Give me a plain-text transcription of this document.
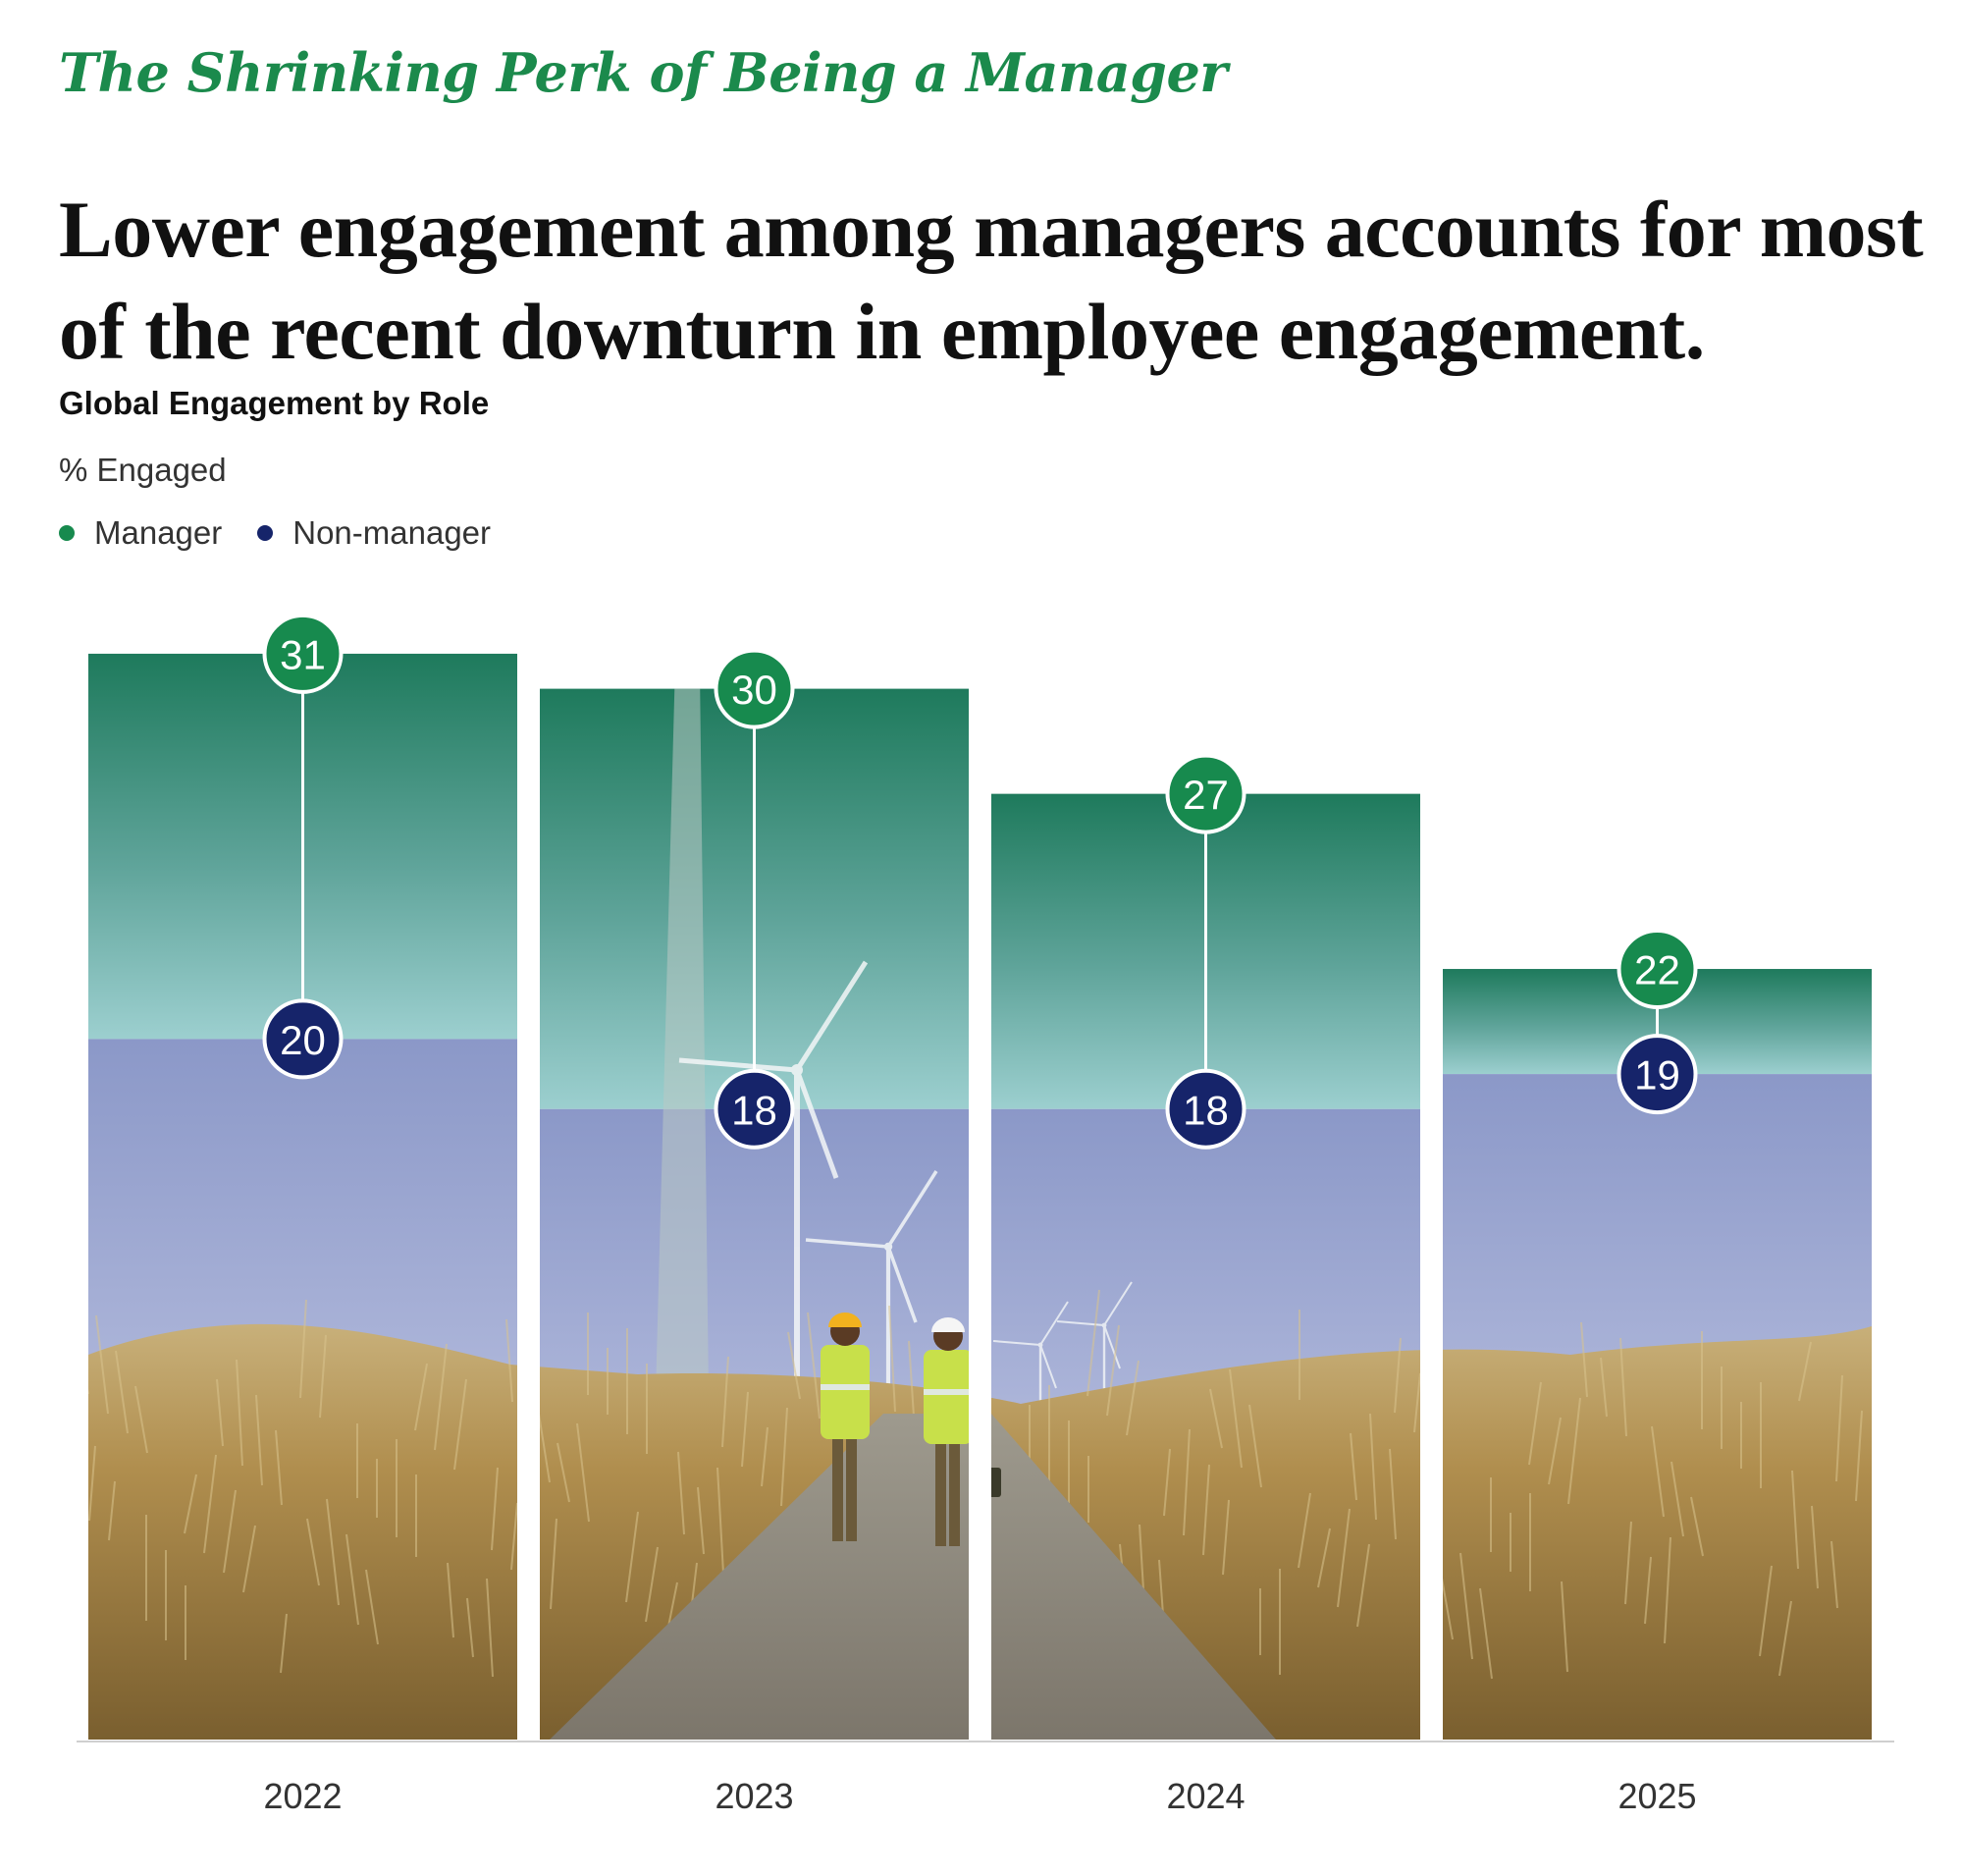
The Shrinking Perk of Being a Manager
Lower engagement among managers accounts for most of the recent downturn in employee engagement.
Global Engagement by Role
% Engaged
Manager Non-manager
31
20
2022
30
18
2023
27
18
2024
22
19
2025
